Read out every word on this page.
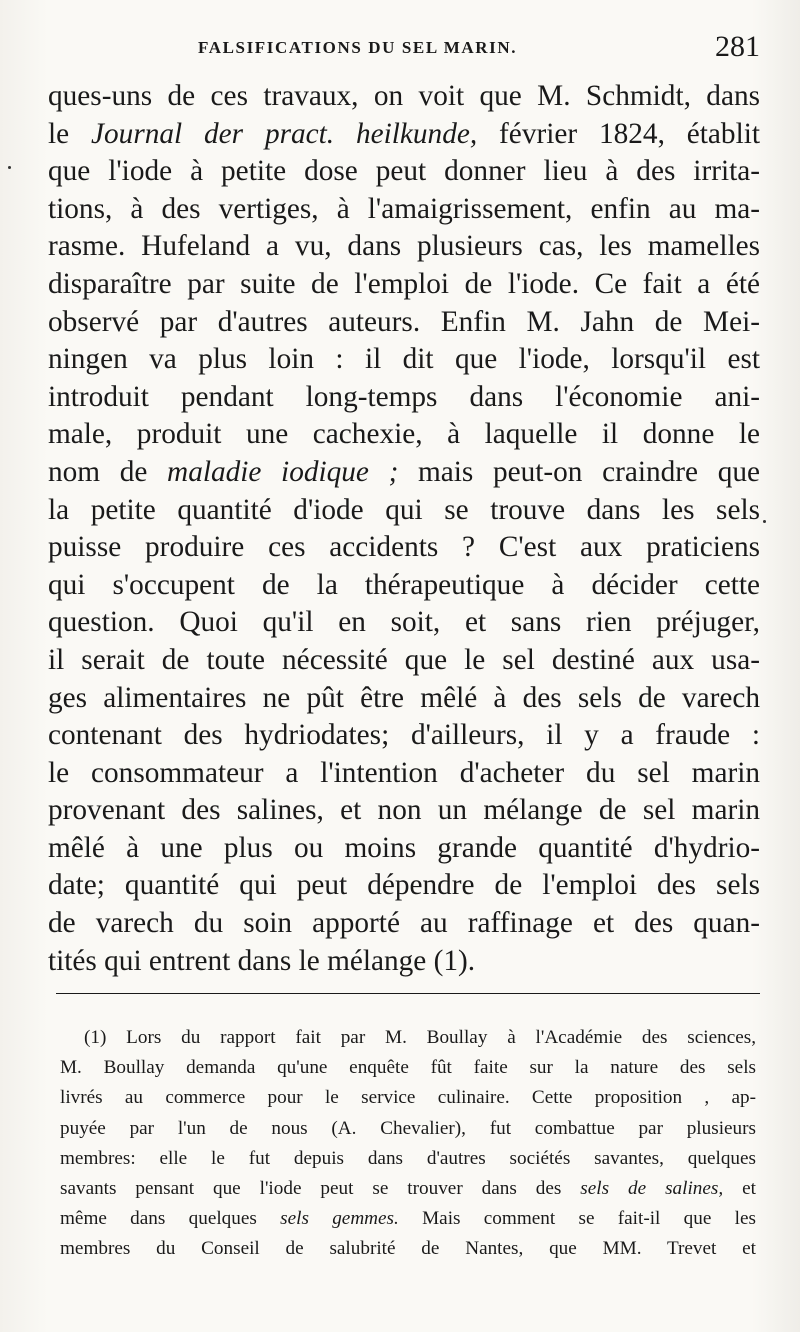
FALSIFICATIONS DU SEL MARIN.	281
ques-uns de ces travaux, on voit que M. Schmidt, dans
le Journal der pract. heilkunde, février 1824, établit
que l'iode à petite dose peut donner lieu à des irrita-
tions, à des vertiges, à l'amaigrissement, enfin au ma-
rasme. Hufeland a vu, dans plusieurs cas, les mamelles
disparaître par suite de l'emploi de l'iode. Ce fait a été
observé par d'autres auteurs. Enfin M. Jahn de Mei-
ningen va plus loin : il dit que l'iode, lorsqu'il est
introduit pendant long-temps dans l'économie ani-
male, produit une cachexie, à laquelle il donne le
nom de maladie iodique ; mais peut-on craindre que
la petite quantité d'iode qui se trouve dans les sels
puisse produire ces accidents ? C'est aux praticiens
qui s'occupent de la thérapeutique à décider cette
question. Quoi qu'il en soit, et sans rien préjuger,
il serait de toute nécessité que le sel destiné aux usa-
ges alimentaires ne pût être mêlé à des sels de varech
contenant des hydriodates; d'ailleurs, il y a fraude :
le consommateur a l'intention d'acheter du sel marin
provenant des salines, et non un mélange de sel marin
mêlé à une plus ou moins grande quantité d'hydrio-
date; quantité qui peut dépendre de l'emploi des sels
de varech du soin apporté au raffinage et des quan-
tités qui entrent dans le mélange (1).
(1) Lors du rapport fait par M. Boullay à l'Académie des sciences,
M. Boullay demanda qu'une enquête fût faite sur la nature des sels
livrés au commerce pour le service culinaire. Cette proposition , ap-
puyée par l'un de nous (A. Chevalier), fut combattue par plusieurs
membres: elle le fut depuis dans d'autres sociétés savantes, quelques
savants pensant que l'iode peut se trouver dans des sels de salines, et
même dans quelques sels gemmes. Mais comment se fait-il que les
membres du Conseil de salubrité de Nantes, que MM. Trevet et
